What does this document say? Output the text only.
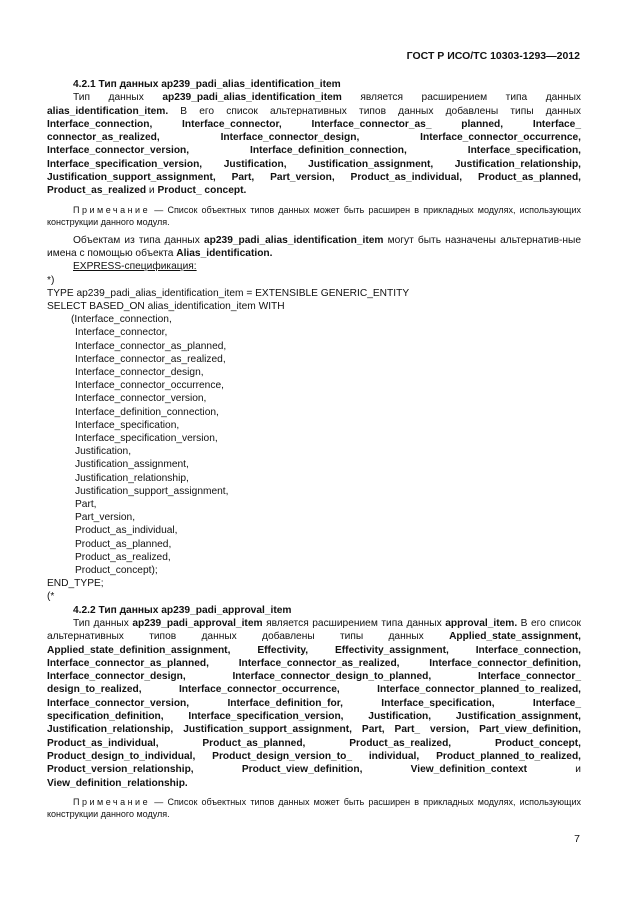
ГОСТ Р ИСО/ТС 10303-1293—2012
4.2.1 Тип данных ap239_padi_alias_identification_item

Тип данных ap239_padi_alias_identification_item является расширением типа данных alias_identification_item. В его список альтернативных типов данных добавлены типы данных Interface_connection, Interface_connector, Interface_connector_as_ planned, Interface_ connector_as_realized, Interface_connector_design, Interface_connector_occurrence, Interface_connector_version, Interface_definition_connection, Interface_specification, Interface_specification_version, Justification, Justification_assignment, Justification_relationship, Justification_support_assignment, Part, Part_version, Product_as_individual, Product_as_planned, Product_as_realized и Product_ concept.

Примечание — Список объектных типов данных может быть расширен в прикладных модулях, использующих конструкции данного модуля.

Объектам из типа данных ap239_padi_alias_identification_item могут быть назначены альтернатив-ные имена с помощью объекта Alias_identification.

EXPRESS-спецификация:
*)
TYPE ap239_padi_alias_identification_item = EXTENSIBLE GENERIC_ENTITY
SELECT BASED_ON alias_identification_item WITH
(Interface_connection,
Interface_connector,
Interface_connector_as_planned,
Interface_connector_as_realized,
Interface_connector_design,
Interface_connector_occurrence,
Interface_connector_version,
Interface_definition_connection,
Interface_specification,
Interface_specification_version,
Justification,
Justification_assignment,
Justification_relationship,
Justification_support_assignment,
Part,
Part_version,
Product_as_individual,
Product_as_planned,
Product_as_realized,
Product_concept);
END_TYPE;
(*
4.2.2 Тип данных ap239_padi_approval_item

Тип данных ap239_padi_approval_item является расширением типа данных approval_item. В его список альтернативных типов данных добавлены типы данных Applied_state_assignment, Applied_state_definition_assignment, Effectivity, Effectivity_assignment, Interface_connection, Interface_connector_as_planned, Interface_connector_as_realized, Interface_connector_definition, Interface_connector_design, Interface_connector_design_to_planned, Interface_connector_ design_to_realized, Interface_connector_occurrence, Interface_connector_planned_to_realized, Interface_connector_version, Interface_definition_for, Interface_specification, Interface_ specification_definition, Interface_specification_version, Justification, Justification_assignment, Justification_relationship, Justification_support_assignment, Part, Part_ version, Part_view_definition, Product_as_individual, Product_as_planned, Product_as_realized, Product_concept, Product_design_to_individual, Product_design_version_to_ individual, Product_planned_to_realized, Product_version_relationship, Product_view_definition, View_definition_context и View_definition_relationship.

Примечание — Список объектных типов данных может быть расширен в прикладных модулях, использующих конструкции данного модуля.

7
